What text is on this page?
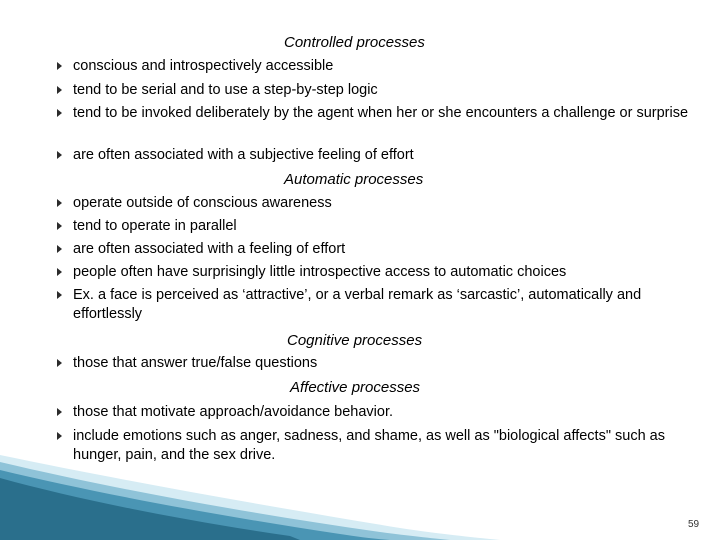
Controlled processes
conscious and introspectively accessible
tend to be serial and to use a step-by-step logic
tend to be invoked deliberately by the agent when her or she encounters a challenge or surprise
are often associated with a subjective feeling of effort
Automatic processes
operate outside of conscious awareness
tend to operate in parallel
are often associated with a feeling of effort
people often have surprisingly little introspective access to automatic choices
Ex. a face is perceived as ‘attractive’, or a verbal remark as ‘sarcastic’, automatically and effortlessly
Cognitive processes
those that answer true/false questions
Affective processes
those that motivate approach/avoidance behavior.
include emotions such as anger, sadness, and shame, as well as "biological affects" such as hunger, pain, and the sex drive.
59
